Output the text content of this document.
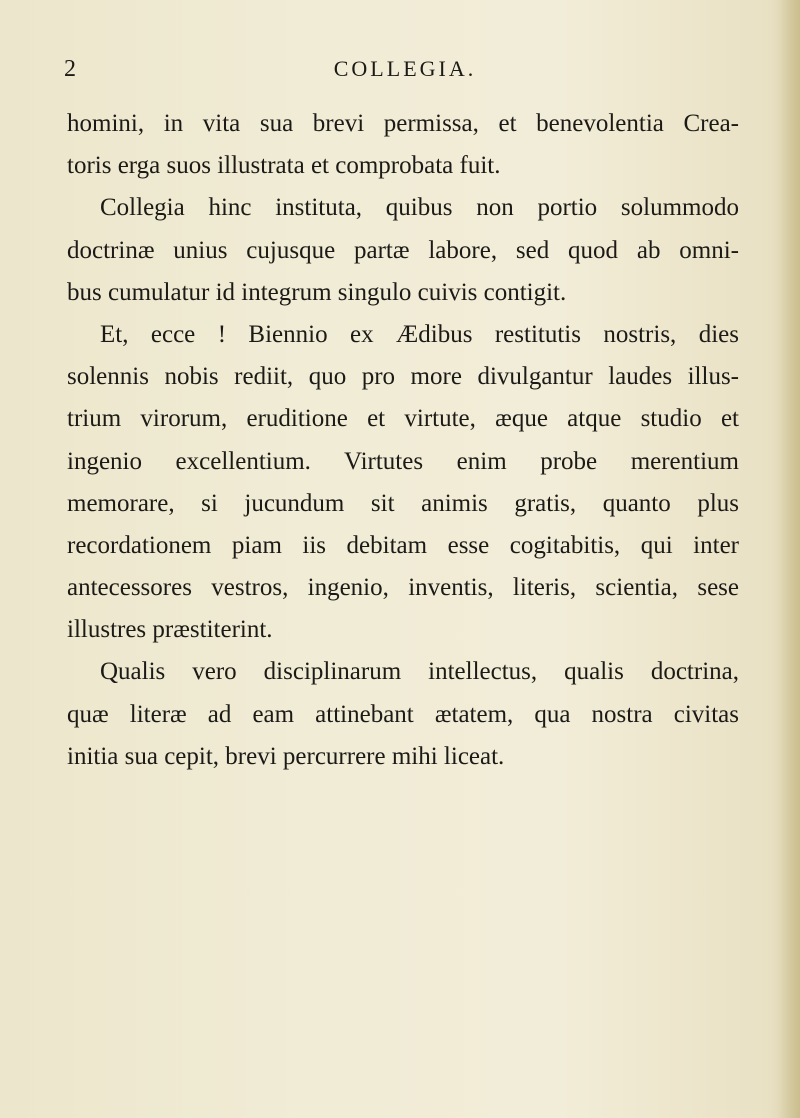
2	COLLEGIA.
homini, in vita sua brevi permissa, et benevolentia Crea-
toris erga suos illustrata et comprobata fuit.
Collegia hinc instituta, quibus non portio solummodo
doctrinæ unius cujusque partæ labore, sed quod ab omni-
bus cumulatur id integrum singulo cuivis contigit.
Et, ecce ! Biennio ex Ædibus restitutis nostris, dies
solennis nobis rediit, quo pro more divulgantur laudes illus-
trium virorum, eruditione et virtute, æque atque studio et
ingenio excellentium. Virtutes enim probe merentium
memorare, si jucundum sit animis gratis, quanto plus
recordationem piam iis debitam esse cogitabitis, qui inter
antecessores vestros, ingenio, inventis, literis, scientia, sese
illustres præstiterint.
Qualis vero disciplinarum intellectus, qualis doctrina,
quæ literæ ad eam attinebant ætatem, qua nostra civitas
initia sua cepit, brevi percurrere mihi liceat.
